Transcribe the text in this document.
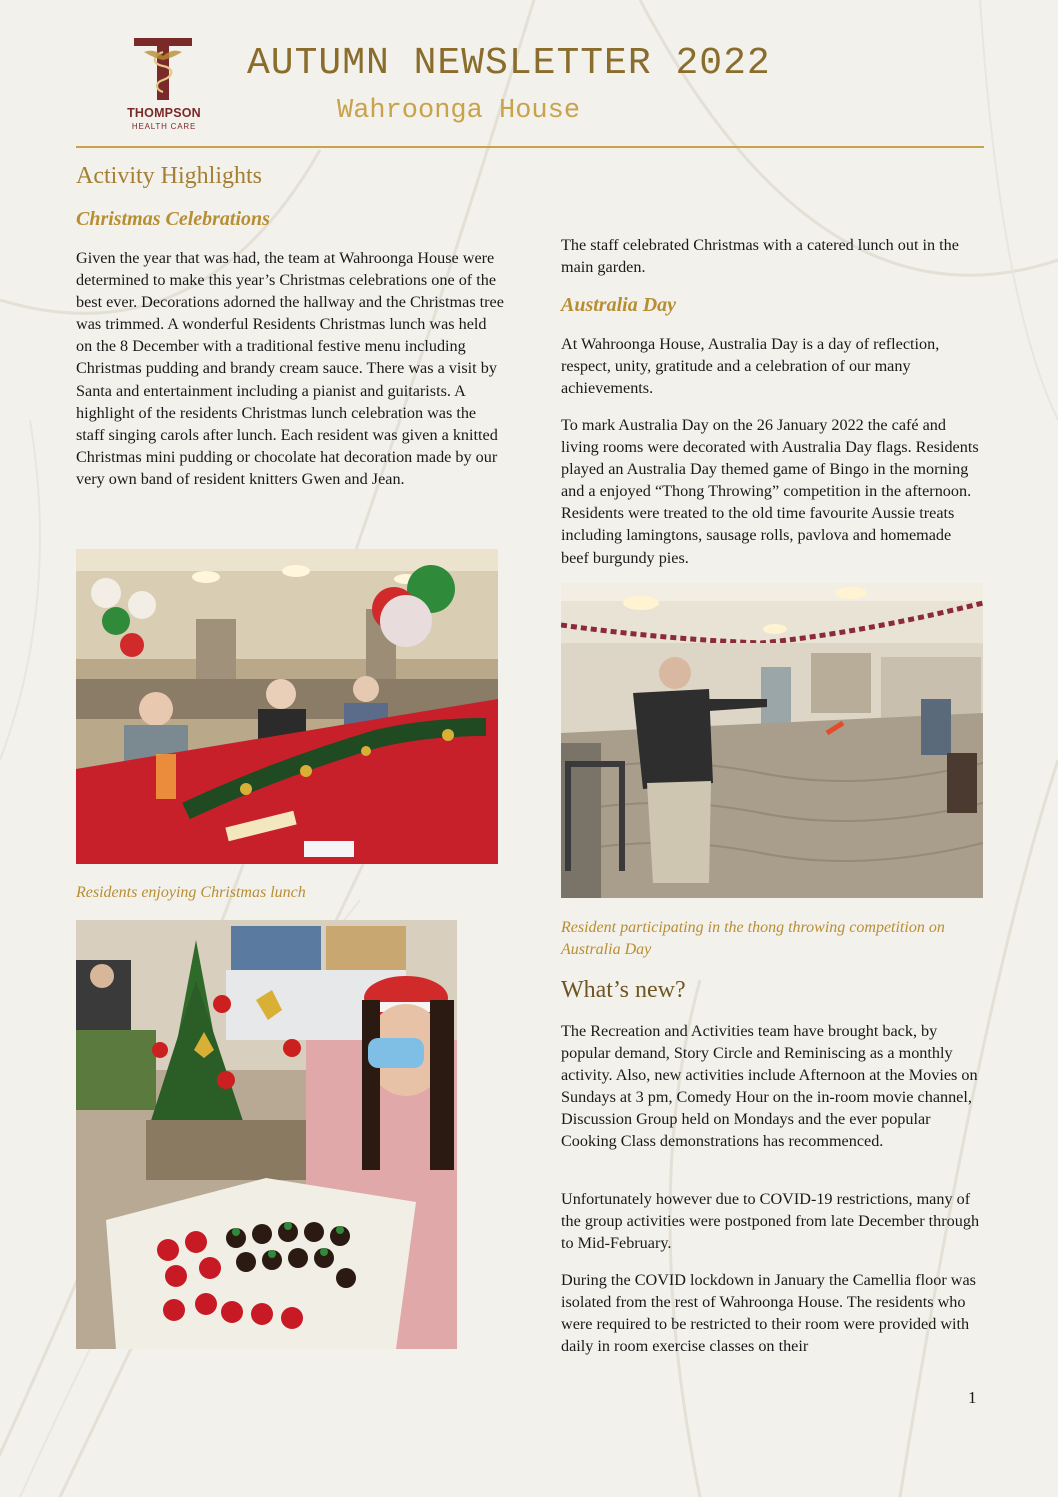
THOMPSON
HEALTH CARE
AUTUMN NEWSLETTER 2022
Wahroonga House
Activity Highlights
Christmas Celebrations

Given the year that was had, the team at Wahroonga House were determined to make this year’s Christmas celebrations one of the best ever. Decorations adorned the hallway and the Christmas tree was trimmed. A wonderful Residents Christmas lunch was held on the 8 December with a traditional festive menu including Christmas pudding and brandy cream sauce. There was a visit by Santa and entertainment including a pianist and guitarists. A highlight of the residents Christmas lunch celebration was the staff singing carols after lunch. Each resident was given a knitted Christmas mini pudding or chocolate hat decoration made by our very own band of resident knitters Gwen and Jean.

Residents enjoying Christmas lunch

The staff celebrated Christmas with a catered lunch out in the main garden.

Australia Day

At Wahroonga House, Australia Day is a day of reflection, respect, unity, gratitude and a celebration of our many achievements.

To mark Australia Day on the 26 January 2022 the café and living rooms were decorated with Australia Day flags. Residents played an Australia Day themed game of Bingo in the morning and a enjoyed “Thong Throwing” competition in the afternoon. Residents were treated to the old time favourite Aussie treats including lamingtons, sausage rolls, pavlova and homemade beef burgundy pies.

Resident participating in the thong throwing competition on Australia Day
What’s new?

The Recreation and Activities team have brought back, by popular demand, Story Circle and Reminiscing as a monthly activity. Also, new activities include Afternoon at the Movies on Sundays at 3 pm, Comedy Hour on the in-room movie channel, Discussion Group held on Mondays and the ever popular Cooking Class demonstrations has recommenced.

Unfortunately however due to COVID-19 restrictions, many of the group activities were postponed from late December through to Mid-February.

During the COVID lockdown in January the Camellia floor was isolated from the rest of Wahroonga House. The residents who were required to be restricted to their room were provided with daily in room exercise classes on their

1
